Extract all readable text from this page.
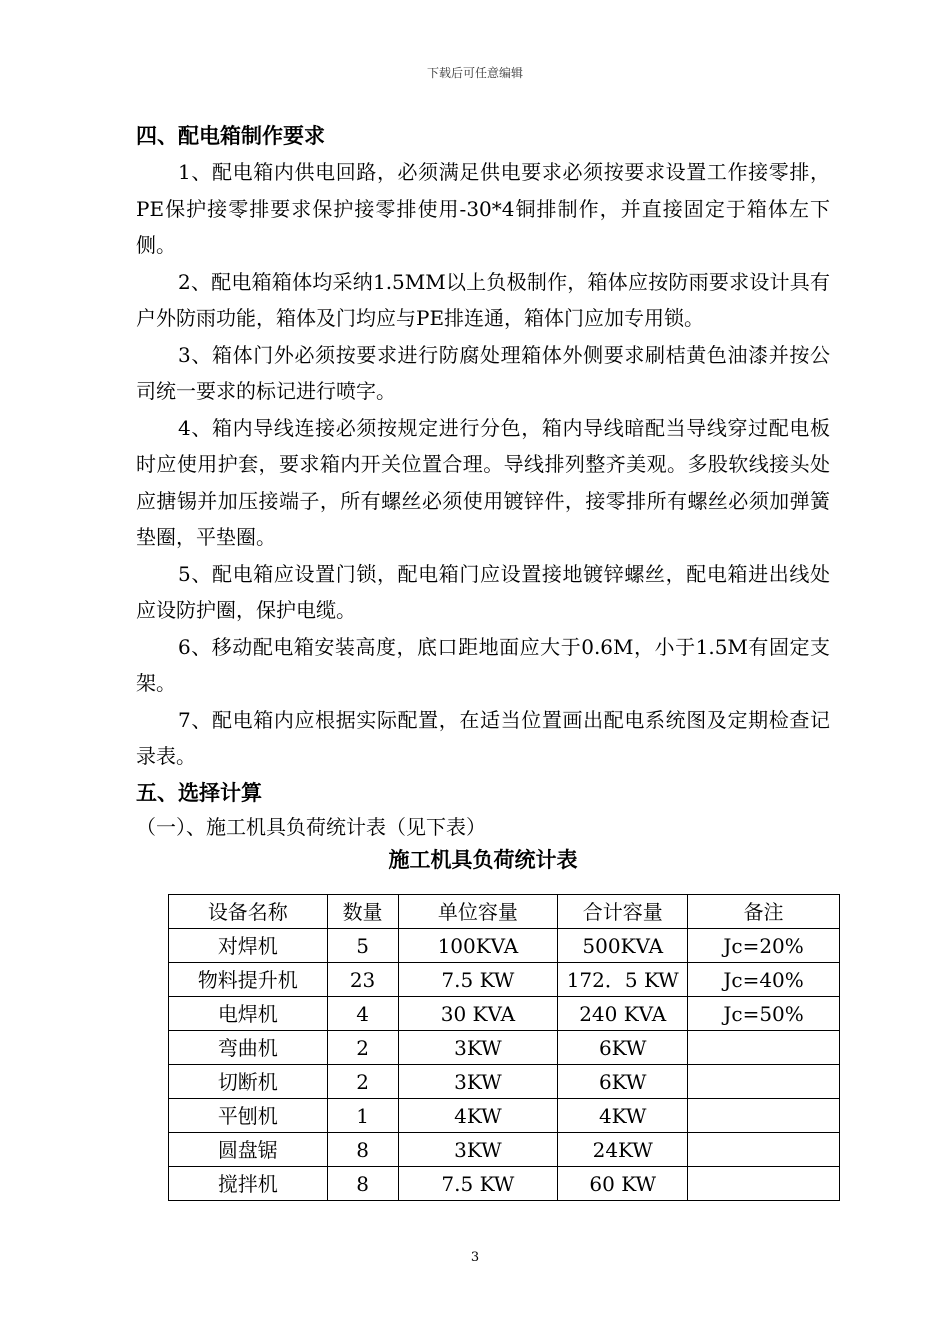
下载后可任意编辑

四、配电箱制作要求

1、配电箱内供电回路，必须满足供电要求必须按要求设置工作接零排，PE保护接零排要求保护接零排使用-30*4铜排制作，并直接固定于箱体左下侧。

2、配电箱箱体均采纳1.5MM以上负极制作，箱体应按防雨要求设计具有户外防雨功能，箱体及门均应与PE排连通，箱体门应加专用锁。

3、箱体门外必须按要求进行防腐处理箱体外侧要求刷桔黄色油漆并按公司统一要求的标记进行喷字。

4、箱内导线连接必须按规定进行分色，箱内导线暗配当导线穿过配电板时应使用护套，要求箱内开关位置合理。导线排列整齐美观。多股软线接头处应搪锡并加压接端子，所有螺丝必须使用镀锌件，接零排所有螺丝必须加弹簧垫圈，平垫圈。

5、配电箱应设置门锁，配电箱门应设置接地镀锌螺丝，配电箱进出线处应设防护圈，保护电缆。

6、移动配电箱安装高度，底口距地面应大于0.6M，小于1.5M有固定支架。

7、配电箱内应根据实际配置，在适当位置画出配电系统图及定期检查记录表。

五、选择计算

（一）、施工机具负荷统计表（见下表）

施工机具负荷统计表

设备名称	数量	单位容量	合计容量	备注
对焊机	5	100KVA	500KVA	Jc=20%
物料提升机	23	7.5 KW	172．5 KW	Jc=40%
电焊机	4	30 KVA	240 KVA	Jc=50%
弯曲机	2	3KW	6KW	
切断机	2	3KW	6KW	
平刨机	1	4KW	4KW	
圆盘锯	8	3KW	24KW	
搅拌机	8	7.5 KW	60 KW	
3
